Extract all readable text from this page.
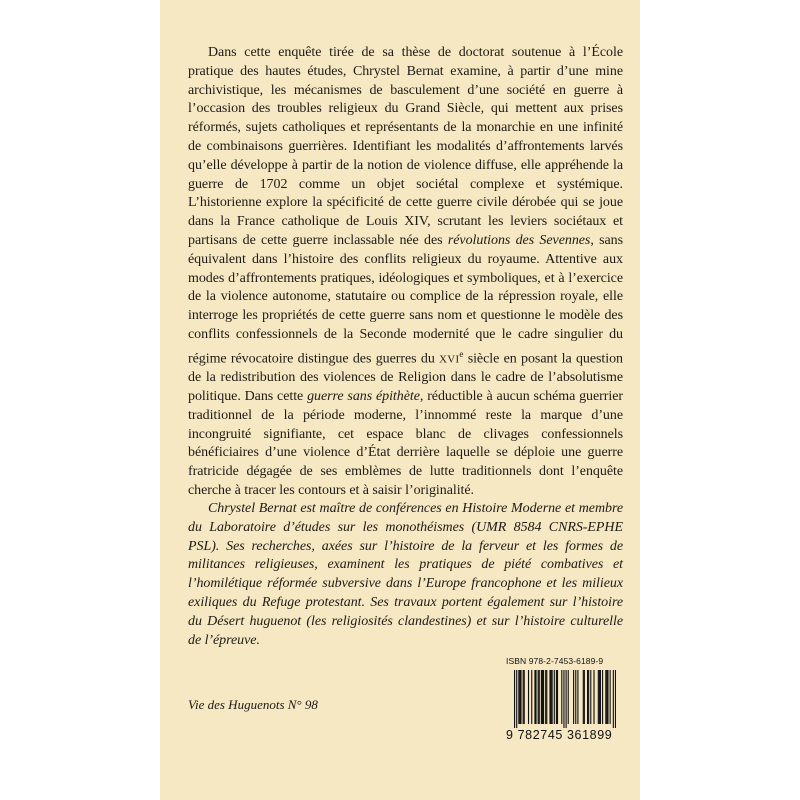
Dans cette enquête tirée de sa thèse de doctorat soutenue à l’École pratique des hautes études, Chrystel Bernat examine, à partir d’une mine archivistique, les mécanismes de basculement d’une société en guerre à l’occasion des troubles religieux du Grand Siècle, qui mettent aux prises réformés, sujets catholiques et représentants de la monarchie en une infinité de combinaisons guerrières. Identifiant les modalités d’affrontements larvés qu’elle développe à partir de la notion de violence diffuse, elle appréhende la guerre de 1702 comme un objet sociétal complexe et systémique. L’historienne explore la spécificité de cette guerre civile dérobée qui se joue dans la France catholique de Louis XIV, scrutant les leviers sociétaux et partisans de cette guerre inclassable née des révolutions des Sevennes, sans équivalent dans l’histoire des conflits religieux du royaume. Attentive aux modes d’affrontements pratiques, idéologiques et symboliques, et à l’exercice de la violence autonome, statutaire ou complice de la répression royale, elle interroge les propriétés de cette guerre sans nom et questionne le modèle des conflits confessionnels de la Seconde modernité que le cadre singulier du régime révocatoire distingue des guerres du XVIe siècle en posant la question de la redistribution des violences de Religion dans le cadre de l’absolutisme politique. Dans cette guerre sans épithète, réductible à aucun schéma guerrier traditionnel de la période moderne, l’innommé reste la marque d’une incongruité signifiante, cet espace blanc de clivages confessionnels bénéficiaires d’une violence d’État derrière laquelle se déploie une guerre fratricide dégagée de ses emblèmes de lutte traditionnels dont l’enquête cherche à tracer les contours et à saisir l’originalité.

Chrystel Bernat est maître de conférences en Histoire Moderne et membre du Laboratoire d’études sur les monothéismes (UMR 8584 CNRS-EPHE PSL). Ses recherches, axées sur l’histoire de la ferveur et les formes de militances religieuses, examinent les pratiques de piété combatives et l’homilétique réformée subversive dans l’Europe francophone et les milieux exiliques du Refuge protestant. Ses travaux portent également sur l’histoire du Désert huguenot (les religiosités clandestines) et sur l’histoire culturelle de l’épreuve.

Vie des Huguenots N° 98
ISBN 978-2-7453-6189-9
9 782745 361899
